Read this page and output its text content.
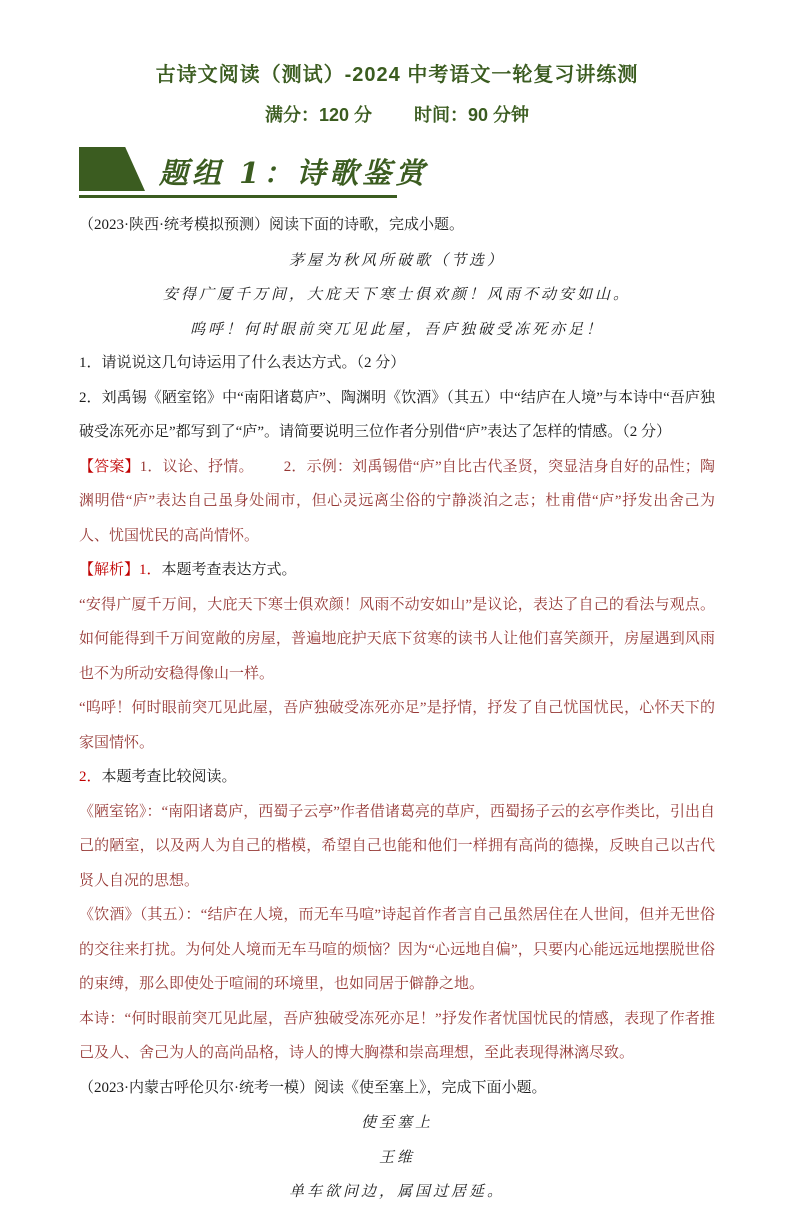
古诗文阅读（测试）-2024 中考语文一轮复习讲练测
满分：120 分 时间：90 分钟
题组 1：诗歌鉴赏

（2023·陕西·统考模拟预测）阅读下面的诗歌，完成小题。

茅屋为秋风所破歌（节选）

安得广厦千万间，大庇天下寒士俱欢颜！风雨不动安如山。

呜呼！何时眼前突兀见此屋，吾庐独破受冻死亦足！

1．请说说这几句诗运用了什么表达方式。（2 分）

2．刘禹锡《陋室铭》中“南阳诸葛庐”、陶渊明《饮酒》（其五）中“结庐在人境”与本诗中“吾庐独破受冻死亦足”都写到了“庐”。请简要说明三位作者分别借“庐”表达了怎样的情感。（2 分）

【答案】1．议论、抒情。 2．示例：刘禹锡借“庐”自比古代圣贤，突显洁身自好的品性；陶渊明借“庐”表达自己虽身处闹市，但心灵远离尘俗的宁静淡泊之志；杜甫借“庐”抒发出舍己为人、忧国忧民的高尚情怀。

【解析】1．本题考查表达方式。

“安得广厦千万间，大庇天下寒士俱欢颜！风雨不动安如山”是议论，表达了自己的看法与观点。如何能得到千万间宽敞的房屋，普遍地庇护天底下贫寒的读书人让他们喜笑颜开，房屋遇到风雨也不为所动安稳得像山一样。

“呜呼！何时眼前突兀见此屋，吾庐独破受冻死亦足”是抒情，抒发了自己忧国忧民，心怀天下的家国情怀。

2．本题考查比较阅读。

《陋室铭》：“南阳诸葛庐，西蜀子云亭”作者借诸葛亮的草庐，西蜀扬子云的玄亭作类比，引出自己的陋室，以及两人为自己的楷模，希望自己也能和他们一样拥有高尚的德操，反映自己以古代贤人自况的思想。

《饮酒》（其五）：“结庐在人境，而无车马喧”诗起首作者言自己虽然居住在人世间，但并无世俗的交往来打扰。为何处人境而无车马喧的烦恼？因为“心远地自偏”，只要内心能远远地摆脱世俗的束缚，那么即使处于喧闹的环境里，也如同居于僻静之地。

本诗：“何时眼前突兀见此屋，吾庐独破受冻死亦足！”抒发作者忧国忧民的情感，表现了作者推己及人、舍己为人的高尚品格，诗人的博大胸襟和崇高理想，至此表现得淋漓尽致。

（2023·内蒙古呼伦贝尔·统考一模）阅读《使至塞上》，完成下面小题。

使至塞上

王维

单车欲问边，属国过居延。
